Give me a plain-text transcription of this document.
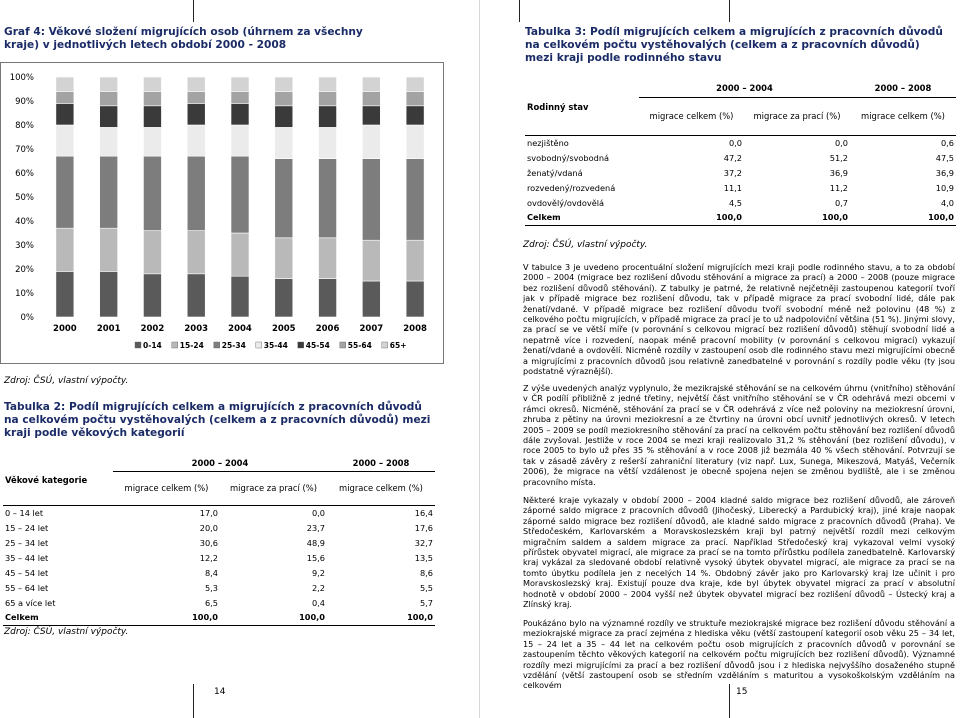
Graf 4: Věkové složení migrujících osob (úhrnem za všechny kraje) v jednotlivých letech období 2000 - 2008
0%
10%
20%
30%
40%
50%
60%
70%
80%
90%
100%
2000 2001 2002 2003 2004 2005 2006 2007 2008
0-14 15-24 25-34 35-44 45-54 55-64 65+
Zdroj: ČSÚ, vlastní výpočty.
Tabulka 2: Podíl migrujících celkem a migrujících z pracovních důvodů na celkovém počtu vystěhovalých (celkem a z pracovních důvodů) mezi kraji podle věkových kategorií
Věkové kategorie	2000 – 2004		2000 – 2008
	migrace celkem (%)	migrace za prací (%)	migrace celkem (%)
0 – 14 let	17,0	0,0	16,4
15 – 24 let	20,0	23,7	17,6
25 – 34 let	30,6	48,9	32,7
35 – 44 let	12,2	15,6	13,5
45 – 54 let	8,4	9,2	8,6
55 – 64 let	5,3	2,2	5,5
65 a více let	6,5	0,4	5,7
Celkem	100,0	100,0	100,0
Zdroj: ČSÚ, vlastní výpočty.
14
Tabulka 3: Podíl migrujících celkem a migrujících z pracovních důvodů na celkovém počtu vystěhovalých (celkem a z pracovních důvodů) mezi kraji podle rodinného stavu
Rodinný stav	2000 – 2004		2000 – 2008
	migrace celkem (%)	migrace za prací (%)	migrace celkem (%)
nezjištěno	0,0	0,0	0,6
svobodný/svobodná	47,2	51,2	47,5
ženatý/vdaná	37,2	36,9	36,9
rozvedený/rozvedená	11,1	11,2	10,9
ovdovělý/ovdovělá	4,5	0,7	4,0
Celkem	100,0	100,0	100,0
Zdroj: ČSÚ, vlastní výpočty.
V tabulce 3 je uvedeno procentuální složení migrujících mezi kraji podle rodinného stavu, a to za období 2000 – 2004 (migrace bez rozlišení důvodu stěhování a migrace za prací) a 2000 – 2008 (pouze migrace bez rozlišení důvodů stěhování). Z tabulky je patrné, že relativně nejčetněji zastoupenou kategorií tvoří jak v případě migrace bez rozlišení důvodu, tak v případě migrace za prací svobodní lidé, dále pak ženatí/vdané. V případě migrace bez rozlišení důvodu tvoří svobodní méně než polovinu (48 %) z celkového počtu migrujících, v případě migrace za prací je to už nadpoloviční většina (51 %). Jinými slovy, za prací se ve větší míře (v porovnání s celkovou migrací bez rozlišení důvodů) stěhují svobodní lidé a nepatrně více i rozvedení, naopak méně pracovní mobility (v porovnání s celkovou migrací) vykazují ženatí/vdané a ovdovělí. Nicméně rozdíly v zastoupení osob dle rodinného stavu mezi migrujícími obecně a migrujícími z pracovních důvodů jsou relativně zanedbatelné v porovnání s rozdíly podle věku (ty jsou podstatně výraznější).
Z výše uvedených analýz vyplynulo, že mezikrajské stěhování se na celkovém úhrnu (vnitřního) stěhování v ČR podílí přibližně z jedné třetiny, největší část vnitřního stěhování se v ČR odehrává mezi obcemi v rámci okresů. Nicméně, stěhování za prací se v ČR odehrává z více než poloviny na meziokresní úrovni, zhruba z pětiny na úrovni meziokresní a ze čtvrtiny na úrovni obcí uvnitř jednotlivých okresů. V letech 2005 – 2009 se podíl meziokresního stěhování za prací na celkovém počtu stěhování bez rozlišení důvodů dále zvyšoval. Jestliže v roce 2004 se mezi kraji realizovalo 31,2 % stěhování (bez rozlišení důvodu), v roce 2005 to bylo už přes 35 % stěhování a v roce 2008 již bezmála 40 % všech stěhování. Potvrzují se tak v zásadě závěry z rešerší zahraniční literatury (viz např. Lux, Sunega, Mikeszová, Matyáš, Večerník 2006), že migrace na větší vzdálenost je obecně spojena nejen se změnou bydliště, ale i se změnou pracovního místa.
Některé kraje vykazaly v období 2000 – 2004 kladné saldo migrace bez rozlišení důvodů, ale zároveň záporné saldo migrace z pracovních důvodů (Jihočeský, Liberecký a Pardubický kraj), jiné kraje naopak záporné saldo migrace bez rozlišení důvodů, ale kladné saldo migrace z pracovních důvodů (Praha). Ve Středočeském, Karlovarském a Moravskoslezském kraji byl patrný největší rozdíl mezi celkovým migračním saldem a saldem migrace za prací. Například Středočeský kraj vykazoval velmi vysoký přírůstek obyvatel migrací, ale migrace za prací se na tomto přírůstku podílela zanedbatelně. Karlovarský kraj vykázal za sledované období relativně vysoký úbytek obyvatel migrací, ale migrace za prací se na tomto úbytku podílela jen z necelých 14 %. Obdobný závěr jako pro Karlovarský kraj lze učinit i pro Moravskoslezský kraj. Existují pouze dva kraje, kde byl úbytek obyvatel migrací za prací v absolutní hodnotě v období 2000 – 2004 vyšší než úbytek obyvatel migrací bez rozlišení důvodů – Ústecký kraj a Zlínský kraj.
Poukázáno bylo na významné rozdíly ve struktuře meziokrajské migrace bez rozlišení důvodu stěhování a meziokrajské migrace za prací zejména z hlediska věku (větší zastoupení kategorií osob věku 25 – 34 let, 15 – 24 let a 35 – 44 let na celkovém počtu osob migrujících z pracovních důvodů v porovnání se zastoupením těchto věkových kategorií na celkovém počtu migrujících bez rozlišení důvodů). Významné rozdíly mezi migrujícími za prací a bez rozlišení důvodů jsou i z hlediska nejvyššího dosaženého stupně vzdělání (větší zastoupení osob se středním vzděláním s maturitou a vysokoškolským vzděláním na celkovém
15
